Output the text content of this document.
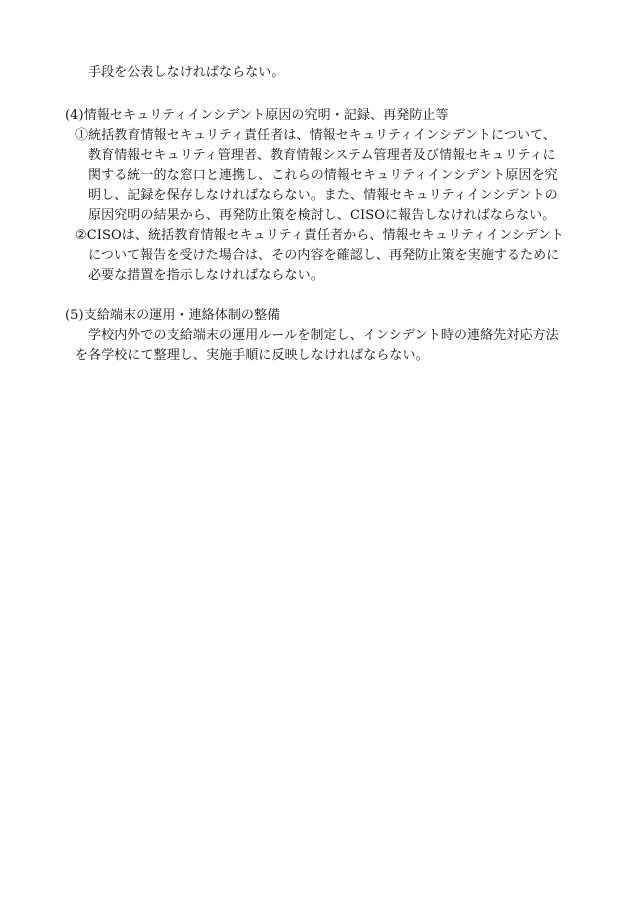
手段を公表しなければならない。
(4)情報セキュリティインシデント原因の究明・記録、再発防止等
①統括教育情報セキュリティ責任者は、情報セキュリティインシデントについて、
教育情報セキュリティ管理者、教育情報システム管理者及び情報セキュリティに
関する統一的な窓口と連携し、これらの情報セキュリティインシデント原因を究
明し、記録を保存しなければならない。また、情報セキュリティインシデントの
原因究明の結果から、再発防止策を検討し、CISOに報告しなければならない。
②CISOは、統括教育情報セキュリティ責任者から、情報セキュリティインシデント
について報告を受けた場合は、その内容を確認し、再発防止策を実施するために
必要な措置を指示しなければならない。
(5)支給端末の運用・連絡体制の整備
学校内外での支給端末の運用ルールを制定し、インシデント時の連絡先対応方法
を各学校にて整理し、実施手順に反映しなければならない。
